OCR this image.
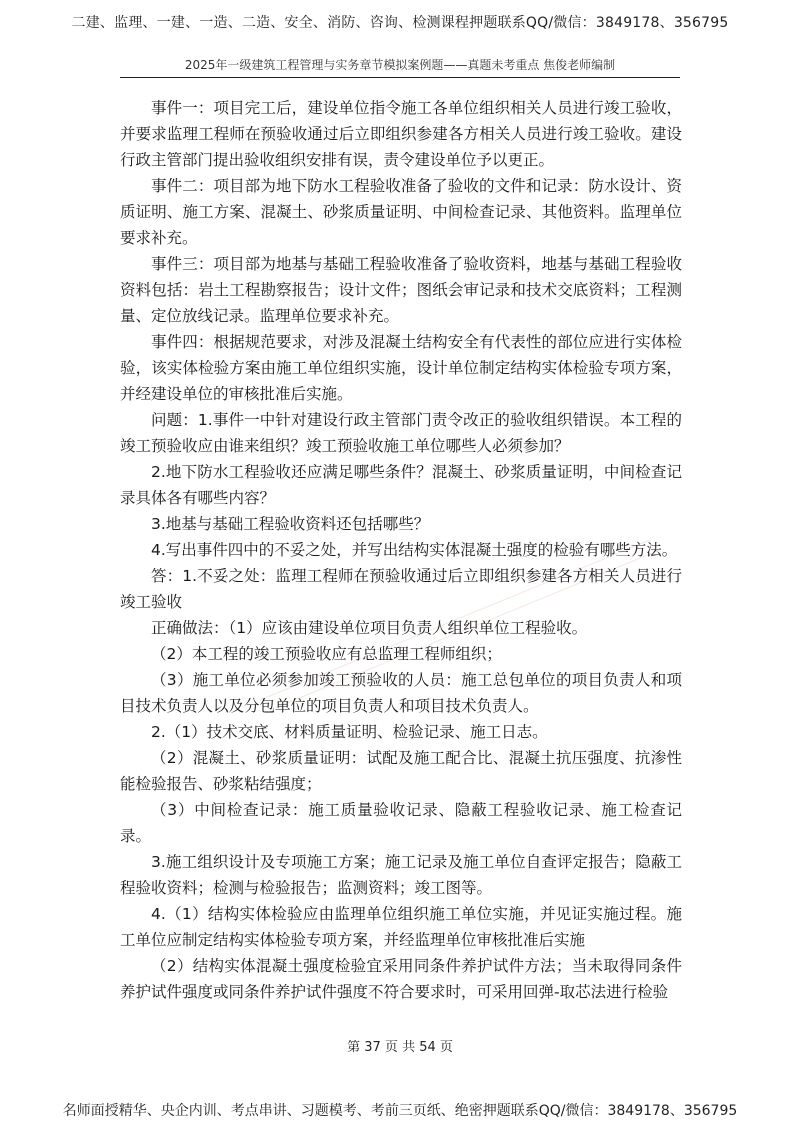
二建、监理、一建、一造、二造、安全、消防、咨询、检测课程押题联系QQ/微信：3849178、356795
2025年一级建筑工程管理与实务章节模拟案例题——真题未考重点 焦俊老师编制

事件一：项目完工后，建设单位指令施工各单位组织相关人员进行竣工验收，并要求监理工程师在预验收通过后立即组织参建各方相关人员进行竣工验收。建设行政主管部门提出验收组织安排有误，责令建设单位予以更正。

事件二：项目部为地下防水工程验收准备了验收的文件和记录：防水设计、资质证明、施工方案、混凝土、砂浆质量证明、中间检查记录、其他资料。监理单位要求补充。

事件三：项目部为地基与基础工程验收准备了验收资料，地基与基础工程验收资料包括：岩土工程勘察报告；设计文件；图纸会审记录和技术交底资料；工程测量、定位放线记录。监理单位要求补充。

事件四：根据规范要求，对涉及混凝土结构安全有代表性的部位应进行实体检验，该实体检验方案由施工单位组织实施，设计单位制定结构实体检验专项方案，并经建设单位的审核批准后实施。

问题：1.事件一中针对建设行政主管部门责令改正的验收组织错误。本工程的竣工预验收应由谁来组织？竣工预验收施工单位哪些人必须参加？

2.地下防水工程验收还应满足哪些条件？混凝土、砂浆质量证明，中间检查记录具体各有哪些内容？

3.地基与基础工程验收资料还包括哪些？

4.写出事件四中的不妥之处，并写出结构实体混凝土强度的检验有哪些方法。

答：1.不妥之处：监理工程师在预验收通过后立即组织参建各方相关人员进行竣工验收

正确做法：（1）应该由建设单位项目负责人组织单位工程验收。

（2）本工程的竣工预验收应有总监理工程师组织；

（3）施工单位必须参加竣工预验收的人员：施工总包单位的项目负责人和项目技术负责人以及分包单位的项目负责人和项目技术负责人。

2.（1）技术交底、材料质量证明、检验记录、施工日志。

（2）混凝土、砂浆质量证明：试配及施工配合比、混凝土抗压强度、抗渗性能检验报告、砂浆粘结强度；

（3）中间检查记录：施工质量验收记录、隐蔽工程验收记录、施工检查记录。

3.施工组织设计及专项施工方案；施工记录及施工单位自查评定报告；隐蔽工程验收资料；检测与检验报告；监测资料；竣工图等。

4.（1）结构实体检验应由监理单位组织施工单位实施，并见证实施过程。施工单位应制定结构实体检验专项方案，并经监理单位审核批准后实施

（2）结构实体混凝土强度检验宜采用同条件养护试件方法；当未取得同条件养护试件强度或同条件养护试件强度不符合要求时，可采用回弹-取芯法进行检验

第 37 页 共 54 页
名师面授精华、央企内训、考点串讲、习题模考、考前三页纸、绝密押题联系QQ/微信：3849178、356795
